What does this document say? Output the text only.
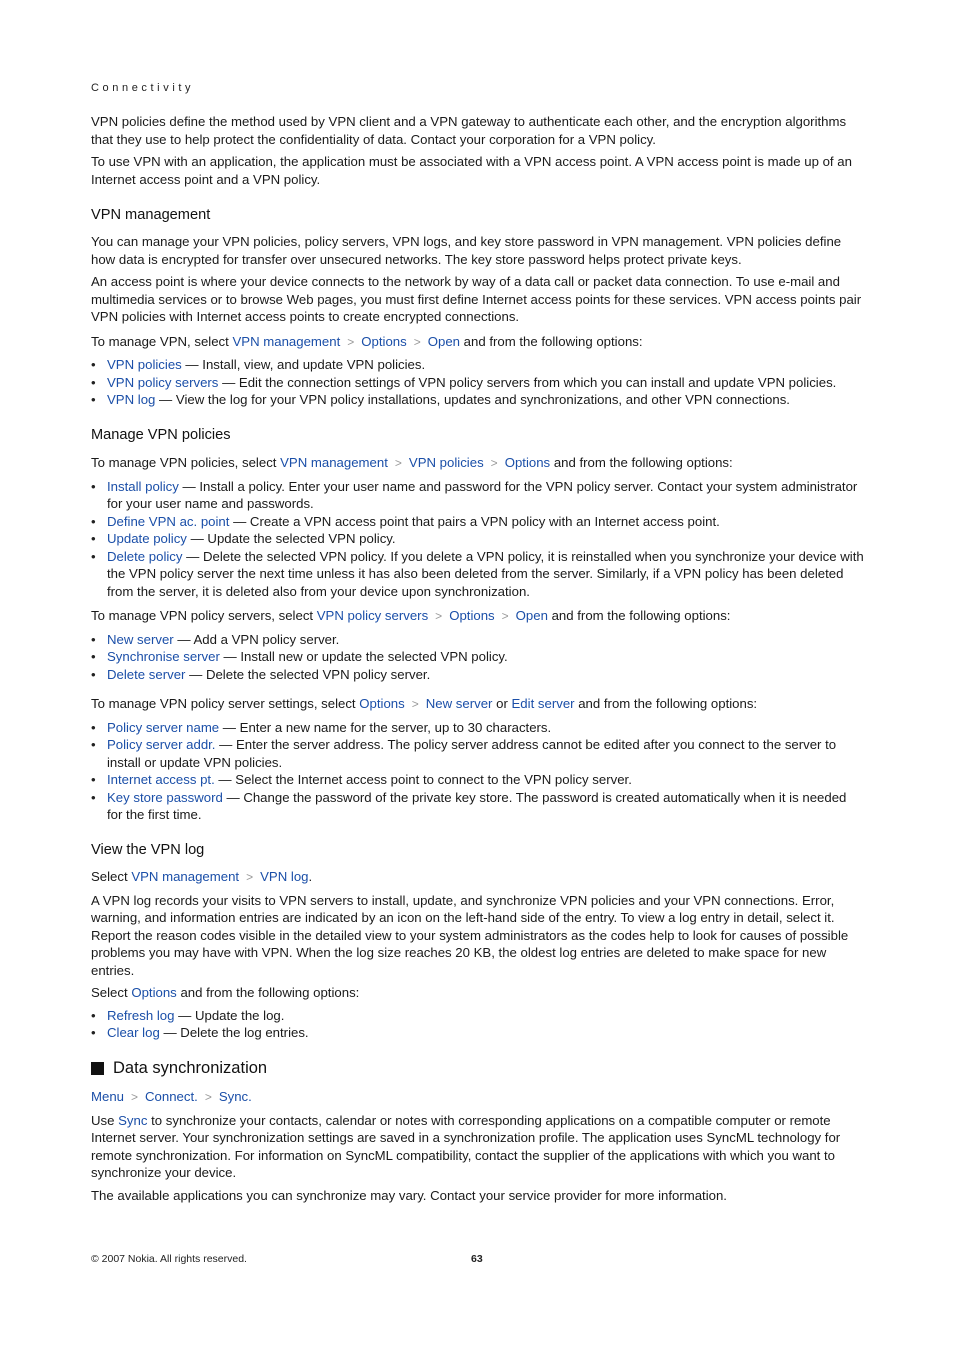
Connectivity

VPN policies define the method used by VPN client and a VPN gateway to authenticate each other, and the encryption algorithms that they use to help protect the confidentiality of data. Contact your corporation for a VPN policy.

To use VPN with an application, the application must be associated with a VPN access point. A VPN access point is made up of an Internet access point and a VPN policy.

VPN management

You can manage your VPN policies, policy servers, VPN logs, and key store password in VPN management. VPN policies define how data is encrypted for transfer over unsecured networks. The key store password helps protect private keys.

An access point is where your device connects to the network by way of a data call or packet data connection. To use e-mail and multimedia services or to browse Web pages, you must first define Internet access points for these services. VPN access points pair VPN policies with Internet access points to create encrypted connections.

To manage VPN, select VPN management > Options > Open and from the following options:

• VPN policies — Install, view, and update VPN policies.
• VPN policy servers — Edit the connection settings of VPN policy servers from which you can install and update VPN policies.
• VPN log — View the log for your VPN policy installations, updates and synchronizations, and other VPN connections.
Manage VPN policies

To manage VPN policies, select VPN management > VPN policies > Options and from the following options:

• Install policy — Install a policy. Enter your user name and password for the VPN policy server. Contact your system administrator for your user name and passwords.
• Define VPN ac. point — Create a VPN access point that pairs a VPN policy with an Internet access point.
• Update policy — Update the selected VPN policy.
• Delete policy — Delete the selected VPN policy. If you delete a VPN policy, it is reinstalled when you synchronize your device with the VPN policy server the next time unless it has also been deleted from the server. Similarly, if a VPN policy has been deleted from the server, it is deleted also from your device upon synchronization.

To manage VPN policy servers, select VPN policy servers > Options > Open and from the following options:

• New server — Add a VPN policy server.
• Synchronise server — Install new or update the selected VPN policy.
• Delete server — Delete the selected VPN policy server.

To manage VPN policy server settings, select Options > New server or Edit server and from the following options:

• Policy server name — Enter a new name for the server, up to 30 characters.
• Policy server addr. — Enter the server address. The policy server address cannot be edited after you connect to the server to install or update VPN policies.
• Internet access pt. — Select the Internet access point to connect to the VPN policy server.
• Key store password — Change the password of the private key store. The password is created automatically when it is needed for the first time.
View the VPN log

Select VPN management > VPN log.

A VPN log records your visits to VPN servers to install, update, and synchronize VPN policies and your VPN connections. Error, warning, and information entries are indicated by an icon on the left-hand side of the entry. To view a log entry in detail, select it. Report the reason codes visible in the detailed view to your system administrators as the codes help to look for causes of possible problems you may have with VPN. When the log size reaches 20 KB, the oldest log entries are deleted to make space for new entries.

Select Options and from the following options:

• Refresh log — Update the log.
• Clear log — Delete the log entries.
Data synchronization

Menu > Connect. > Sync.

Use Sync to synchronize your contacts, calendar or notes with corresponding applications on a compatible computer or remote Internet server. Your synchronization settings are saved in a synchronization profile. The application uses SyncML technology for remote synchronization. For information on SyncML compatibility, contact the supplier of the applications with which you want to synchronize your device.

The available applications you can synchronize may vary. Contact your service provider for more information.

© 2007 Nokia. All rights reserved.	63
